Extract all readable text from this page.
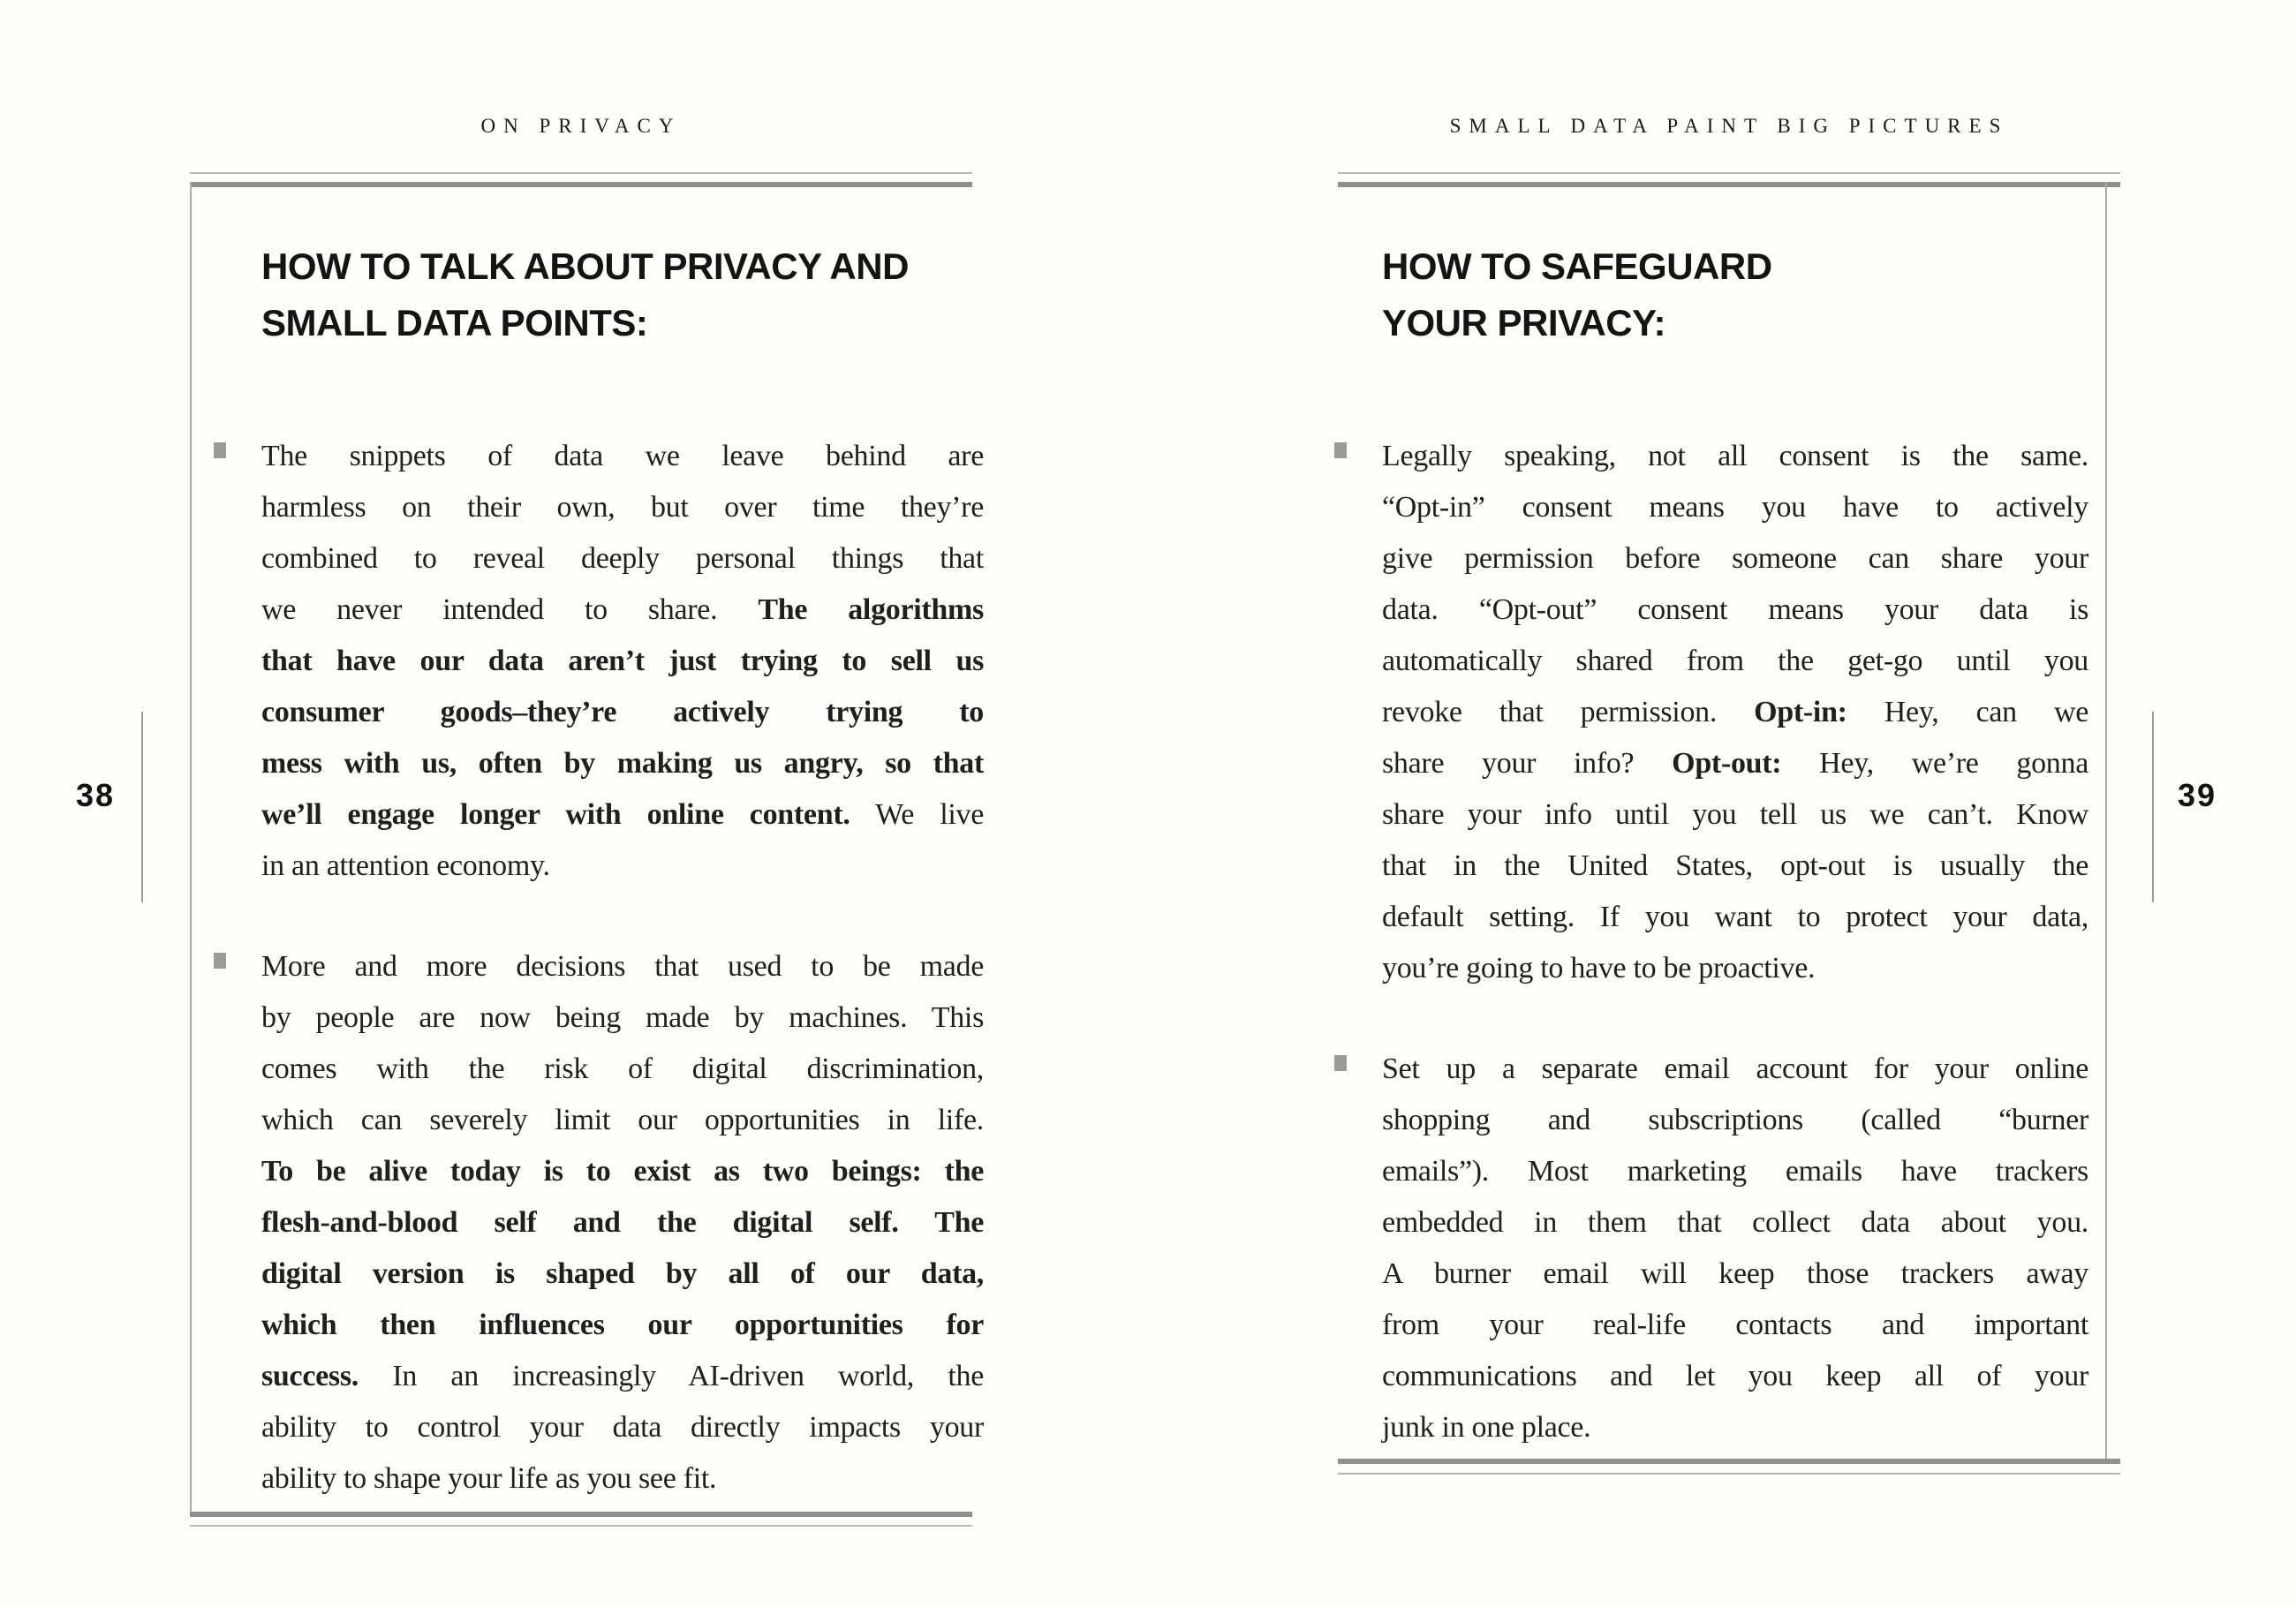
ON PRIVACY
38
HOW TO TALK ABOUT PRIVACY AND
SMALL DATA POINTS:
The snippets of data we leave behind are
harmless on their own, but over time they’re
combined to reveal deeply personal things that
we never intended to share. The algorithms
that have our data aren’t just trying to sell us
consumer goods–they’re actively trying to
mess with us, often by making us angry, so that
we’ll engage longer with online content. We live
in an attention economy.
More and more decisions that used to be made
by people are now being made by machines. This
comes with the risk of digital discrimination,
which can severely limit our opportunities in life.
To be alive today is to exist as two beings: the
flesh-and-blood self and the digital self. The
digital version is shaped by all of our data,
which then influences our opportunities for
success. In an increasingly AI-driven world, the
ability to control your data directly impacts your
ability to shape your life as you see fit.
SMALL DATA PAINT BIG PICTURES
39
HOW TO SAFEGUARD
YOUR PRIVACY:
Legally speaking, not all consent is the same.
“Opt-in” consent means you have to actively
give permission before someone can share your
data. “Opt-out” consent means your data is
automatically shared from the get-go until you
revoke that permission. Opt-in: Hey, can we
share your info? Opt-out: Hey, we’re gonna
share your info until you tell us we can’t. Know
that in the United States, opt-out is usually the
default setting. If you want to protect your data,
you’re going to have to be proactive.
Set up a separate email account for your online
shopping and subscriptions (called “burner
emails”). Most marketing emails have trackers
embedded in them that collect data about you.
A burner email will keep those trackers away
from your real-life contacts and important
communications and let you keep all of your
junk in one place.
